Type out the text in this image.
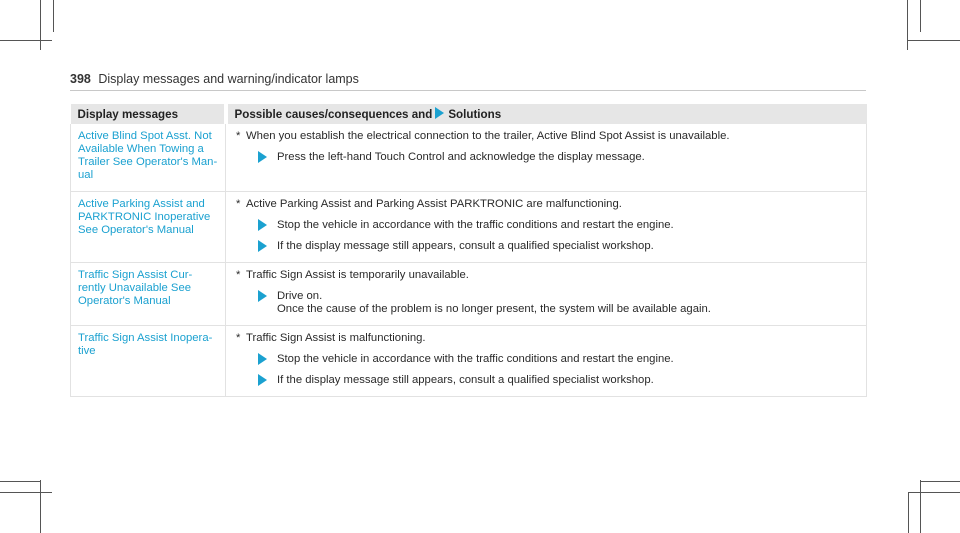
398 Display messages and warning/indicator lamps
Display messages	Possible causes/consequences and Solutions
Active Blind Spot Asst. Not Available When Towing a Trailer See Operator's Man- ual	* When you establish the electrical connection to the trailer, Active Blind Spot Assist is unavailable.
Press the left-hand Touch Control and acknowledge the display message.

Active Parking Assist and PARKTRONIC Inoperative See Operator's Manual	* Active Parking Assist and Parking Assist PARKTRONIC are malfunctioning.
Stop the vehicle in accordance with the traffic conditions and restart the engine.
If the display message still appears, consult a qualified specialist workshop.

Traffic Sign Assist Cur- rently Unavailable See Operator's Manual	* Traffic Sign Assist is temporarily unavailable.
Drive on.
Once the cause of the problem is no longer present, the system will be available again.

Traffic Sign Assist Inopera- tive	* Traffic Sign Assist is malfunctioning.
Stop the vehicle in accordance with the traffic conditions and restart the engine.
If the display message still appears, consult a qualified specialist workshop.
